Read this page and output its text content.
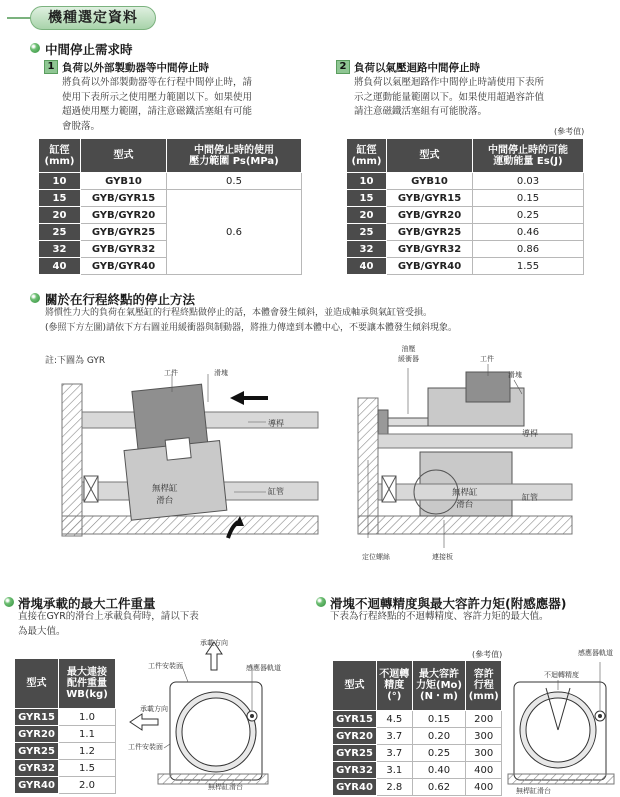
機種選定資料
中間停止需求時
1 負荷以外部製動器等中間停止時
將負荷以外部製動器等在行程中間停止時，請
使用下表所示之使用壓力範圍以下。如果使用
超過使用壓力範圍，請注意磁鐵活塞組有可能
會脫落。
2 負荷以氣壓迴路中間停止時
將負荷以氣壓迴路作中間停止時請使用下表所
示之運動能量範圍以下。如果使用超過容許值
請注意磁鐵活塞組有可能脫落。
(參考值)
缸徑
(mm)	型式	中間停止時的使用
壓力範圍 Ps(MPa)
10	GYB10	0.5
15	GYB/GYR15	0.6
20	GYB/GYR20	
25	GYB/GYR25	
32	GYB/GYR32	
40	GYB/GYR40	
缸徑
(mm)	型式	中間停止時的可能
運動能量 Es(J)
10	GYB10	0.03
15	GYB/GYR15	0.15
20	GYB/GYR20	0.25
25	GYB/GYR25	0.46
32	GYB/GYR32	0.86
40	GYB/GYR40	1.55
關於在行程終點的停止方法
將慣性力大的負荷在氣壓缸的行程終點做停止的話，本體會發生傾斜，並造成軸承與氣缸管受損。
(參照下方左圖)請依下方右圖並用緩衝器與制動器，將推力傳達到本體中心，不要讓本體發生傾斜現象。
註:下圖為 GYR
工件	滑塊
導桿
無桿缸
滑台
缸管
油壓
緩衝器	工件
滑塊
導桿
無桿缸
滑台
缸管
定位螺絲	連接板
滑塊承載的最大工件重量
直接在GYR的滑台上承載負荷時，請以下表
為最大值。
型式	最大連接
配件重量
WB(kg)
GYR15	1.0
GYR20	1.1
GYR25	1.2
GYR32	1.5
GYR40	2.0
承載方向
工件安裝面	感應器軌道
承載方向
工件安裝面
無桿缸滑台
滑塊不迴轉精度與最大容許力矩(附感應器)
下表為行程終點的不迴轉精度、容許力矩的最大值。
(參考值)
型式	不迴轉
精度
(°)	最大容許
力矩(Mo)
(N・m)	容許
行程
(mm)
GYR15	4.5	0.15	200
GYR20	3.7	0.20	300
GYR25	3.7	0.25	300
GYR32	3.1	0.40	400
GYR40	2.8	0.62	400
感應器軌道
不迴轉精度
無桿缸滑台
